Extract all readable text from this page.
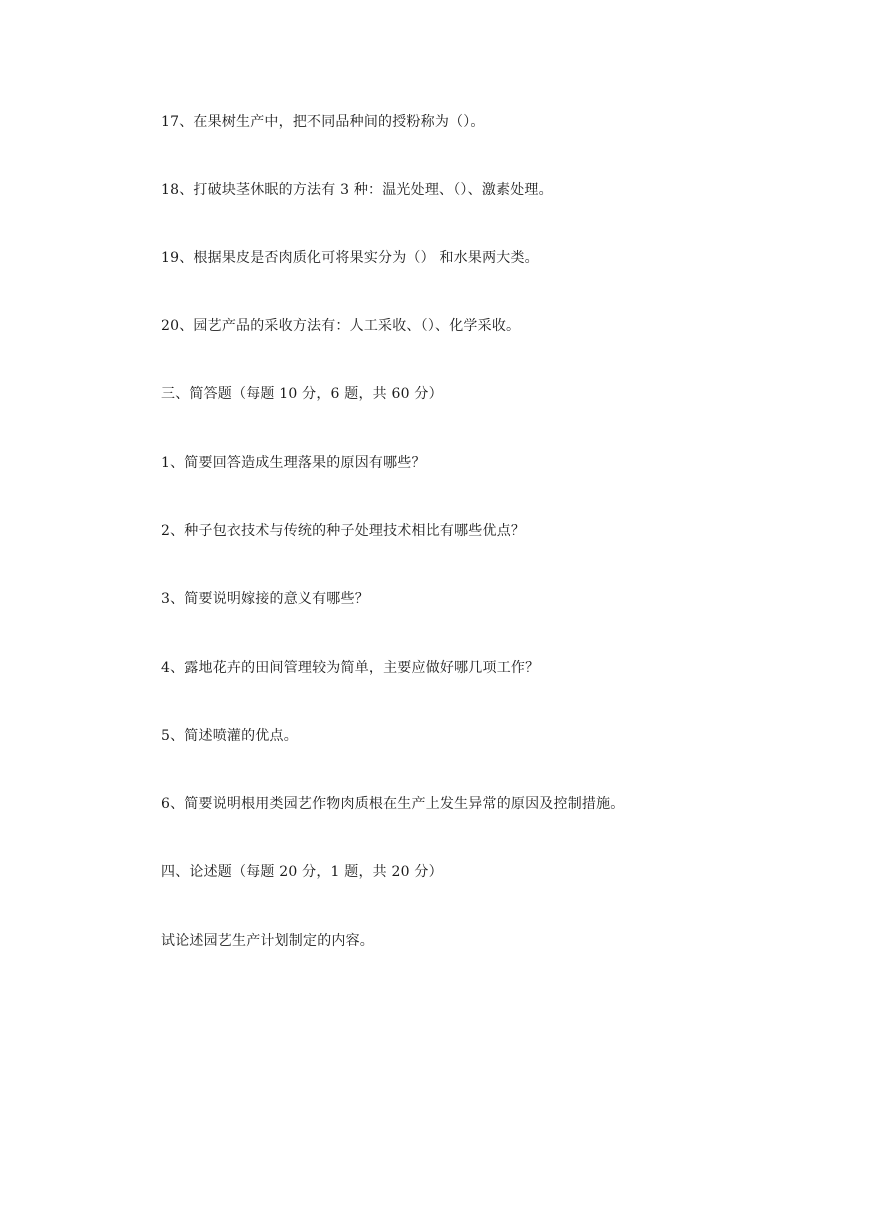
17、在果树生产中，把不同品种间的授粉称为（）。
18、打破块茎休眠的方法有 3 种：温光处理、（）、激素处理。
19、根据果皮是否肉质化可将果实分为（） 和水果两大类。
20、园艺产品的采收方法有：人工采收、（）、化学采收。
三、简答题（每题 10 分，6 题，共 60 分）
1、简要回答造成生理落果的原因有哪些？
2、种子包衣技术与传统的种子处理技术相比有哪些优点？
3、简要说明嫁接的意义有哪些？
4、露地花卉的田间管理较为简单，主要应做好哪几项工作？
5、简述喷灌的优点。
6、简要说明根用类园艺作物肉质根在生产上发生异常的原因及控制措施。
四、论述题（每题 20 分，1 题，共 20 分）
试论述园艺生产计划制定的内容。
